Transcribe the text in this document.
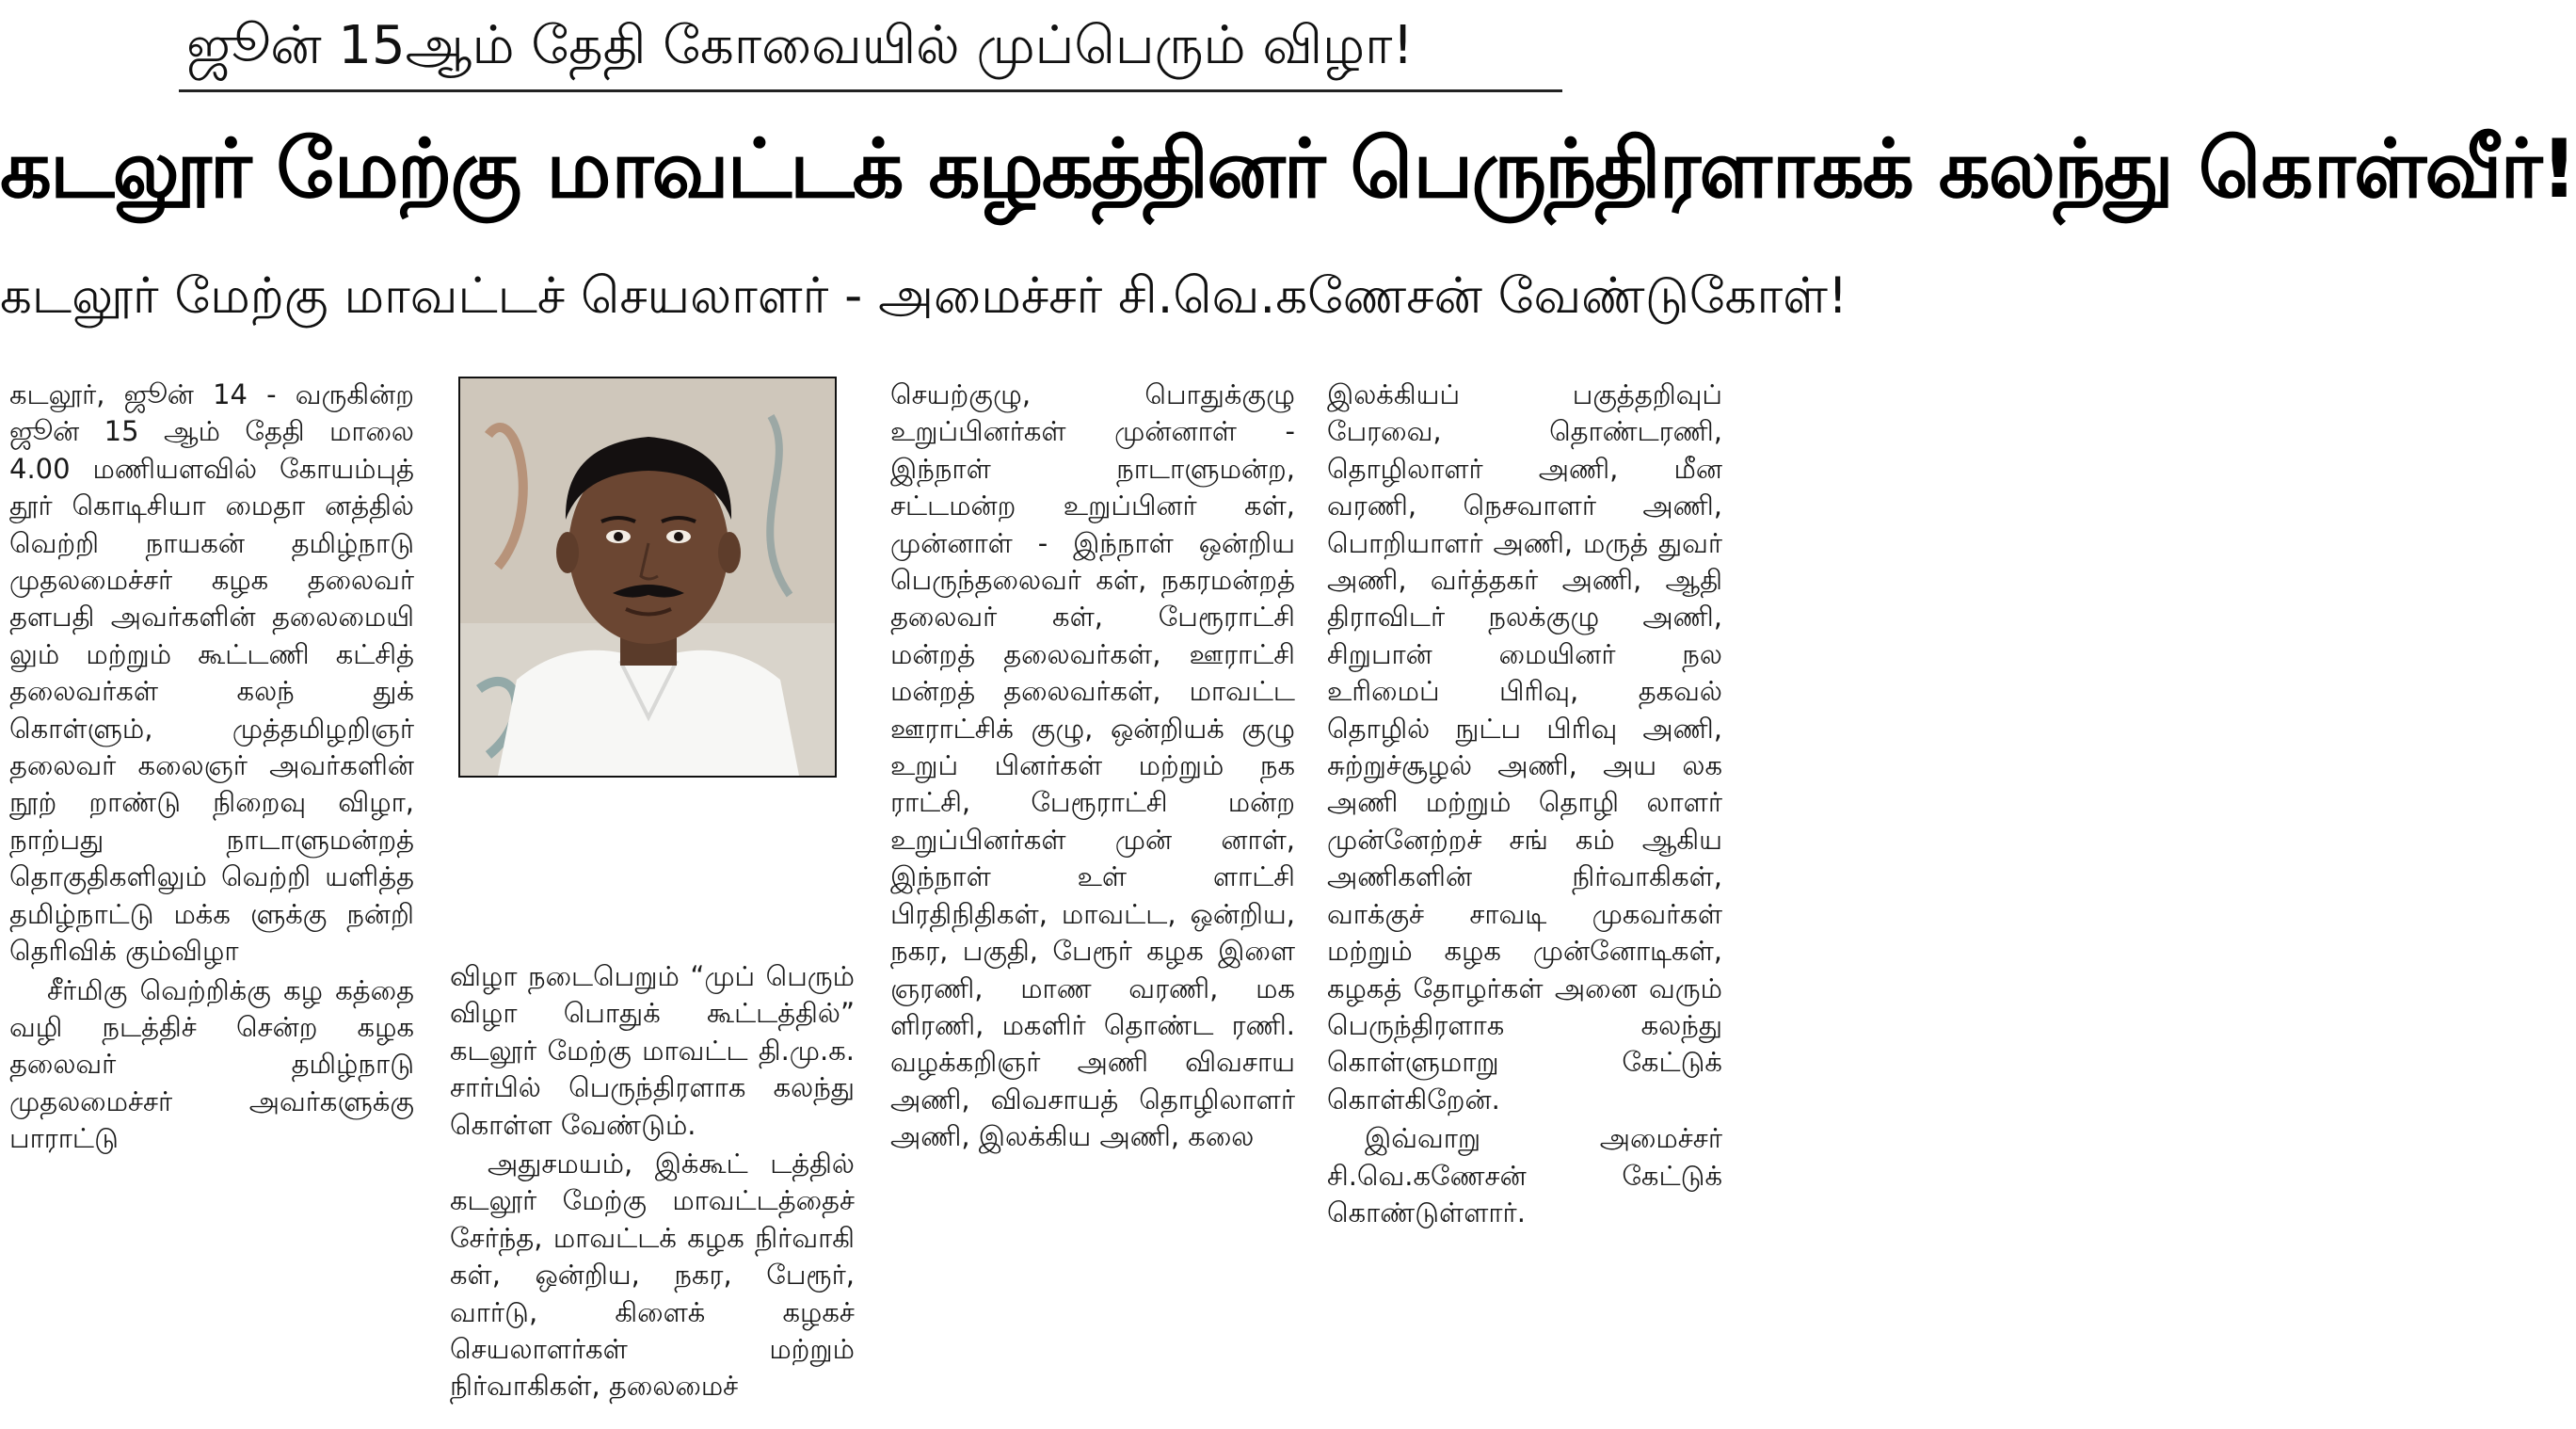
ஜூன் 15ஆம் தேதி கோவையில் முப்பெரும் விழா!
கடலூர் மேற்கு மாவட்டக் கழகத்தினர் பெருந்திரளாகக் கலந்து கொள்வீர்!
கடலூர் மேற்கு மாவட்டச் செயலாளர் - அமைச்சர் சி.வெ.கணேசன் வேண்டுகோள்!

கடலூர், ஜூன் 14 - வருகின்ற ஜூன் 15 ஆம் தேதி மாலை 4.00 மணியளவில் கோயம்புத் தூர் கொடிசியா மைதா னத்தில் வெற்றி நாயகன் தமிழ்நாடு முதலமைச்சர் கழக தலைவர் தளபதி அவர்களின் தலைமையி லும் மற்றும் கூட்டணி கட்சித் தலைவர்கள் கலந் துக் கொள்ளும், முத்தமிழறிஞர் தலைவர் கலைஞர் அவர்களின் நூற் றாண்டு நிறைவு விழா, நாற்பது நாடாளுமன்றத் தொகுதிகளிலும் வெற்றி யளித்த தமிழ்நாட்டு மக்க ளுக்கு நன்றி தெரிவிக் கும்விழா

சீர்மிகு வெற்றிக்கு கழ கத்தை வழி நடத்திச் சென்ற கழக தலைவர் தமிழ்நாடு முதலமைச்சர் அவர்களுக்கு பாராட்டு

விழா நடைபெறும் “முப் பெரும் விழா பொதுக் கூட்டத்தில்” கடலூர் மேற்கு மாவட்ட தி.மு.க. சார்பில் பெருந்திரளாக கலந்து கொள்ள வேண்டும்.

அதுசமயம், இக்கூட் டத்தில் கடலூர் மேற்கு மாவட்டத்தைச் சேர்ந்த, மாவட்டக் கழக நிர்வாகி கள், ஒன்றிய, நகர, பேரூர், வார்டு, கிளைக் கழகச் செயலாளர்கள் மற்றும் நிர்வாகிகள், தலைமைச்

செயற்குழு, பொதுக்குழு உறுப்பினர்கள் முன்னாள் - இந்நாள் நாடாளுமன்ற, சட்டமன்ற உறுப்பினர் கள், முன்னாள் - இந்நாள் ஒன்றிய பெருந்தலைவர் கள், நகரமன்றத் தலைவர் கள், பேரூராட்சி மன்றத் தலைவர்கள், ஊராட்சி மன்றத் தலைவர்கள், மாவட்ட ஊராட்சிக் குழு, ஒன்றியக் குழு உறுப் பினர்கள் மற்றும் நக ராட்சி, பேரூராட்சி மன்ற உறுப்பினர்கள் முன் னாள், இந்நாள் உள் ளாட்சி பிரதிநிதிகள், மாவட்ட, ஒன்றிய, நகர, பகுதி, பேரூர் கழக இளை ஞரணி, மாண வரணி, மக ளிரணி, மகளிர் தொண்ட ரணி. வழக்கறிஞர் அணி விவசாய அணி, விவசாயத் தொழிலாளர் அணி, இலக்கிய அணி, கலை

இலக்கியப் பகுத்தறிவுப் பேரவை, தொண்டரணி, தொழிலாளர் அணி, மீன வரணி, நெசவாளர் அணி, பொறியாளர் அணி, மருத் துவர் அணி, வர்த்தகர் அணி, ஆதி திராவிடர் நலக்குழு அணி, சிறுபான் மையினர் நல உரிமைப் பிரிவு, தகவல் தொழில் நுட்ப பிரிவு அணி, சுற்றுச்சூழல் அணி, அய லக அணி மற்றும் தொழி லாளர் முன்னேற்றச் சங் கம் ஆகிய அணிகளின் நிர்வாகிகள், வாக்குச் சாவடி முகவர்கள் மற்றும் கழக முன்னோடிகள், கழகத் தோழர்கள் அனை வரும் பெருந்திரளாக கலந்து கொள்ளுமாறு கேட்டுக் கொள்கிறேன்.

இவ்வாறு அமைச்சர் சி.வெ.கணேசன் கேட்டுக் கொண்டுள்ளார்.
